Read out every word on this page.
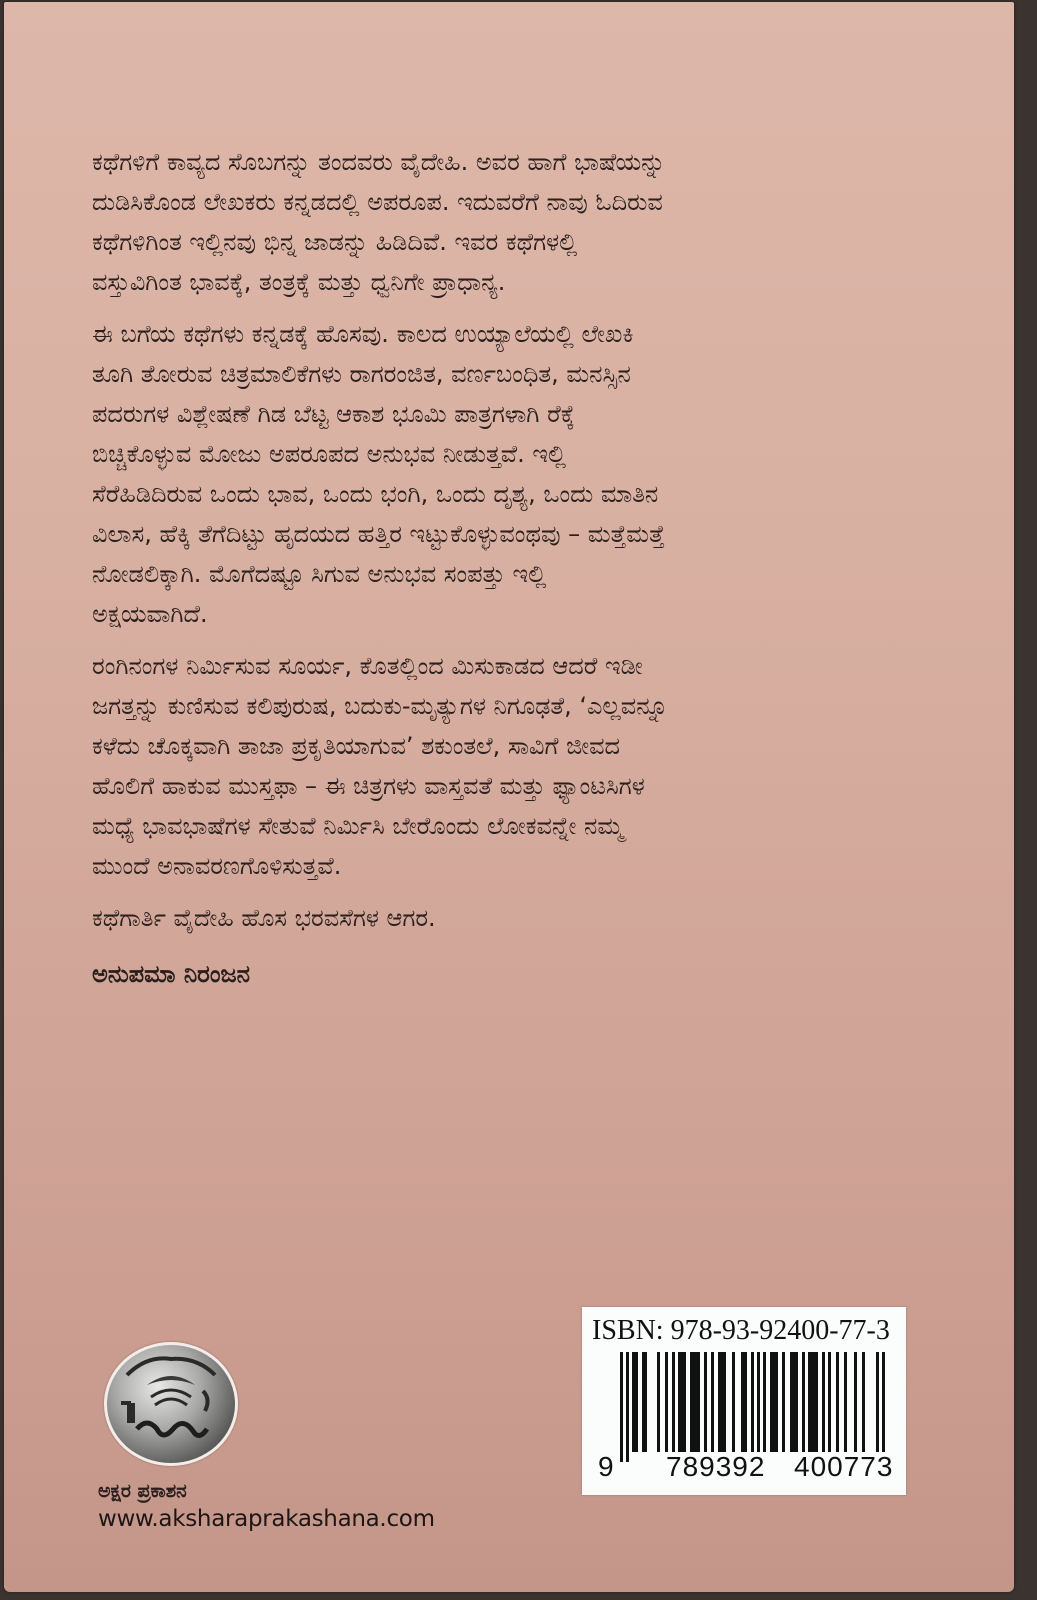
ಕಥೆಗಳಿಗೆ ಕಾವ್ಯದ ಸೊಬಗನ್ನು ತಂದವರು ವೈದೇಹಿ. ಅವರ ಹಾಗೆ ಭಾಷೆಯನ್ನು
ದುಡಿಸಿಕೊಂಡ ಲೇಖಕರು ಕನ್ನಡದಲ್ಲಿ ಅಪರೂಪ. ಇದುವರೆಗೆ ನಾವು ಓದಿರುವ
ಕಥೆಗಳಿಗಿಂತ ಇಲ್ಲಿನವು ಭಿನ್ನ ಜಾಡನ್ನು ಹಿಡಿದಿವೆ. ಇವರ ಕಥೆಗಳಲ್ಲಿ
ವಸ್ತುವಿಗಿಂತ ಭಾವಕ್ಕೆ, ತಂತ್ರಕ್ಕೆ ಮತ್ತು ಧ್ವನಿಗೇ ಪ್ರಾಧಾನ್ಯ.
ಈ ಬಗೆಯ ಕಥೆಗಳು ಕನ್ನಡಕ್ಕೆ ಹೊಸವು. ಕಾಲದ ಉಯ್ಯಾಲೆಯಲ್ಲಿ ಲೇಖಕಿ
ತೂಗಿ ತೋರುವ ಚಿತ್ರಮಾಲಿಕೆಗಳು ರಾಗರಂಜಿತ, ವರ್ಣಬಂಧಿತ, ಮನಸ್ಸಿನ
ಪದರುಗಳ ವಿಶ್ಲೇಷಣೆ ಗಿಡ ಬೆಟ್ಟ ಆಕಾಶ ಭೂಮಿ ಪಾತ್ರಗಳಾಗಿ ರೆಕ್ಕೆ
ಬಿಚ್ಚಿಕೊಳ್ಳುವ ಮೋಜು ಅಪರೂಪದ ಅನುಭವ ನೀಡುತ್ತವೆ. ಇಲ್ಲಿ
ಸೆರೆಹಿಡಿದಿರುವ ಒಂದು ಭಾವ, ಒಂದು ಭಂಗಿ, ಒಂದು ದೃಶ್ಯ, ಒಂದು ಮಾತಿನ
ವಿಲಾಸ, ಹೆಕ್ಕಿ ತೆಗೆದಿಟ್ಟು ಹೃದಯದ ಹತ್ತಿರ ಇಟ್ಟುಕೊಳ್ಳುವಂಥವು – ಮತ್ತೆಮತ್ತೆ
ನೋಡಲಿಕ್ಕಾಗಿ. ಮೊಗೆದಷ್ಟೂ ಸಿಗುವ ಅನುಭವ ಸಂಪತ್ತು ಇಲ್ಲಿ
ಅಕ್ಷಯವಾಗಿದೆ.
ರಂಗಿನಂಗಳ ನಿರ್ಮಿಸುವ ಸೂರ್ಯ, ಕೊತಲ್ಲಿಂದ ಮಿಸುಕಾಡದ ಆದರೆ ಇಡೀ
ಜಗತ್ತನ್ನು ಕುಣಿಸುವ ಕಲಿಪುರುಷ, ಬದುಕು-ಮೃತ್ಯುಗಳ ನಿಗೂಢತೆ, ‘ಎಲ್ಲವನ್ನೂ
ಕಳೆದು ಚೊಕ್ಕವಾಗಿ ತಾಜಾ ಪ್ರಕೃತಿಯಾಗುವ’ ಶಕುಂತಲೆ, ಸಾವಿಗೆ ಜೀವದ
ಹೊಲಿಗೆ ಹಾಕುವ ಮುಸ್ತಫಾ – ಈ ಚಿತ್ರಗಳು ವಾಸ್ತವತೆ ಮತ್ತು ಫ್ಯಾಂಟಸಿಗಳ
ಮಧ್ಯೆ ಭಾವಭಾಷೆಗಳ ಸೇತುವೆ ನಿರ್ಮಿಸಿ ಬೇರೊಂದು ಲೋಕವನ್ನೇ ನಮ್ಮ
ಮುಂದೆ ಅನಾವರಣಗೊಳಿಸುತ್ತವೆ.
ಕಥೆಗಾರ್ತಿ ವೈದೇಹಿ ಹೊಸ ಭರವಸೆಗಳ ಆಗರ.
ಅನುಪಮಾ ನಿರಂಜನ
ಅಕ್ಷರ ಪ್ರಕಾಶನ
www.aksharaprakashana.com
ISBN: 978-93-92400-77-3
9 789392 400773
